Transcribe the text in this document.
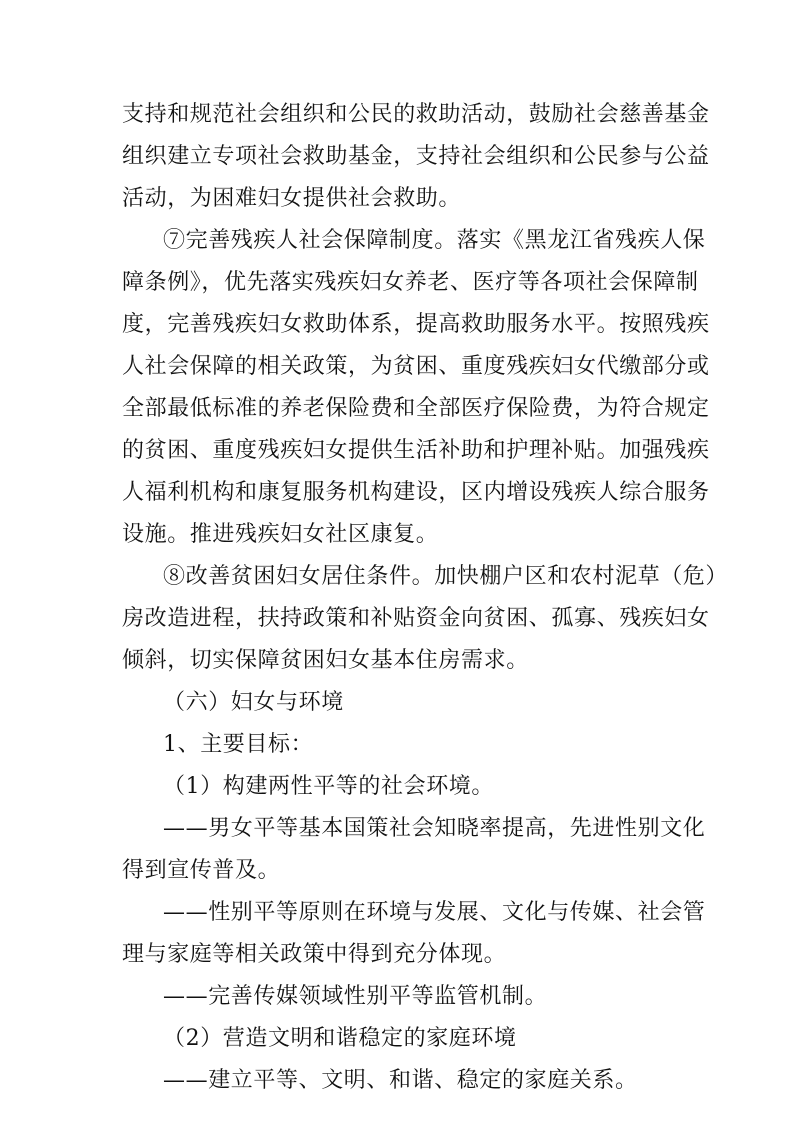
支持和规范社会组织和公民的救助活动，鼓励社会慈善基金
组织建立专项社会救助基金，支持社会组织和公民参与公益
活动，为困难妇女提供社会救助。
⑦完善残疾人社会保障制度。落实《黑龙江省残疾人保
障条例》，优先落实残疾妇女养老、医疗等各项社会保障制
度，完善残疾妇女救助体系，提高救助服务水平。按照残疾
人社会保障的相关政策，为贫困、重度残疾妇女代缴部分或
全部最低标准的养老保险费和全部医疗保险费，为符合规定
的贫困、重度残疾妇女提供生活补助和护理补贴。加强残疾
人福利机构和康复服务机构建设，区内增设残疾人综合服务
设施。推进残疾妇女社区康复。
⑧改善贫困妇女居住条件。加快棚户区和农村泥草（危）
房改造进程，扶持政策和补贴资金向贫困、孤寡、残疾妇女
倾斜，切实保障贫困妇女基本住房需求。
（六）妇女与环境
1、主要目标：
（1）构建两性平等的社会环境。
——男女平等基本国策社会知晓率提高，先进性别文化
得到宣传普及。
——性别平等原则在环境与发展、文化与传媒、社会管
理与家庭等相关政策中得到充分体现。
——完善传媒领域性别平等监管机制。
（2）营造文明和谐稳定的家庭环境
——建立平等、文明、和谐、稳定的家庭关系。
